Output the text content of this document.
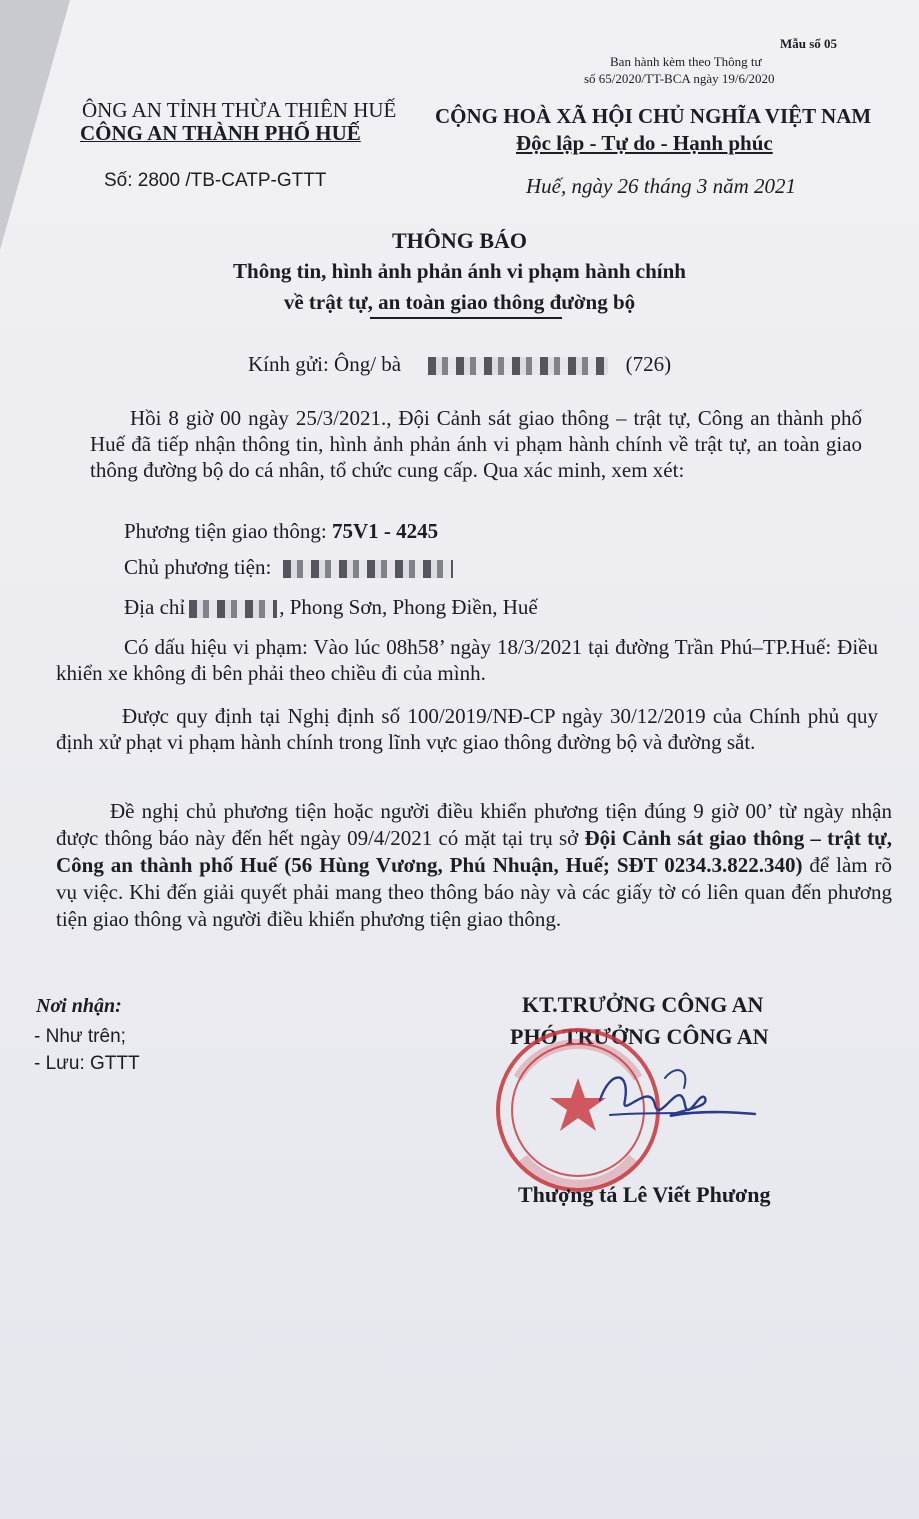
Mẫu số 05
Ban hành kèm theo Thông tư
số 65/2020/TT-BCA ngày 19/6/2020
ÔNG AN TỈNH THỪA THIÊN HUẾ
CÔNG AN THÀNH PHỐ HUẾ
Số: 2800 /TB-CATP-GTTT
CỘNG HOÀ XÃ HỘI CHỦ NGHĨA VIỆT NAM
Độc lập - Tự do - Hạnh phúc
Huế, ngày 26 tháng 3 năm 2021
THÔNG BÁO
Thông tin, hình ảnh phản ánh vi phạm hành chính
về trật tự, an toàn giao thông đường bộ
Kính gửi: Ông/ bà	(726)
Hồi 8 giờ 00 ngày 25/3/2021., Đội Cảnh sát giao thông – trật tự, Công an thành phố Huế đã tiếp nhận thông tin, hình ảnh phản ánh vi phạm hành chính về trật tự, an toàn giao thông đường bộ do cá nhân, tổ chức cung cấp. Qua xác minh, xem xét:
Phương tiện giao thông: 75V1 - 4245
Chủ phương tiện:
Địa chỉ	, Phong Sơn, Phong Điền, Huế
Có dấu hiệu vi phạm: Vào lúc 08h58’ ngày 18/3/2021 tại đường Trần Phú–TP.Huế: Điều khiển xe không đi bên phải theo chiều đi của mình.
Được quy định tại Nghị định số 100/2019/NĐ-CP ngày 30/12/2019 của Chính phủ quy định xử phạt vi phạm hành chính trong lĩnh vực giao thông đường bộ và đường sắt.
Đề nghị chủ phương tiện hoặc người điều khiển phương tiện đúng 9 giờ 00’ từ ngày nhận được thông báo này đến hết ngày 09/4/2021 có mặt tại trụ sở Đội Cảnh sát giao thông – trật tự, Công an thành phố Huế (56 Hùng Vương, Phú Nhuận, Huế; SĐT 0234.3.822.340) để làm rõ vụ việc. Khi đến giải quyết phải mang theo thông báo này và các giấy tờ có liên quan đến phương tiện giao thông và người điều khiển phương tiện giao thông.
Nơi nhận:
- Như trên;
- Lưu: GTTT
KT.TRƯỞNG CÔNG AN
PHÓ TRƯỞNG CÔNG AN
Thượng tá Lê Viết Phương
